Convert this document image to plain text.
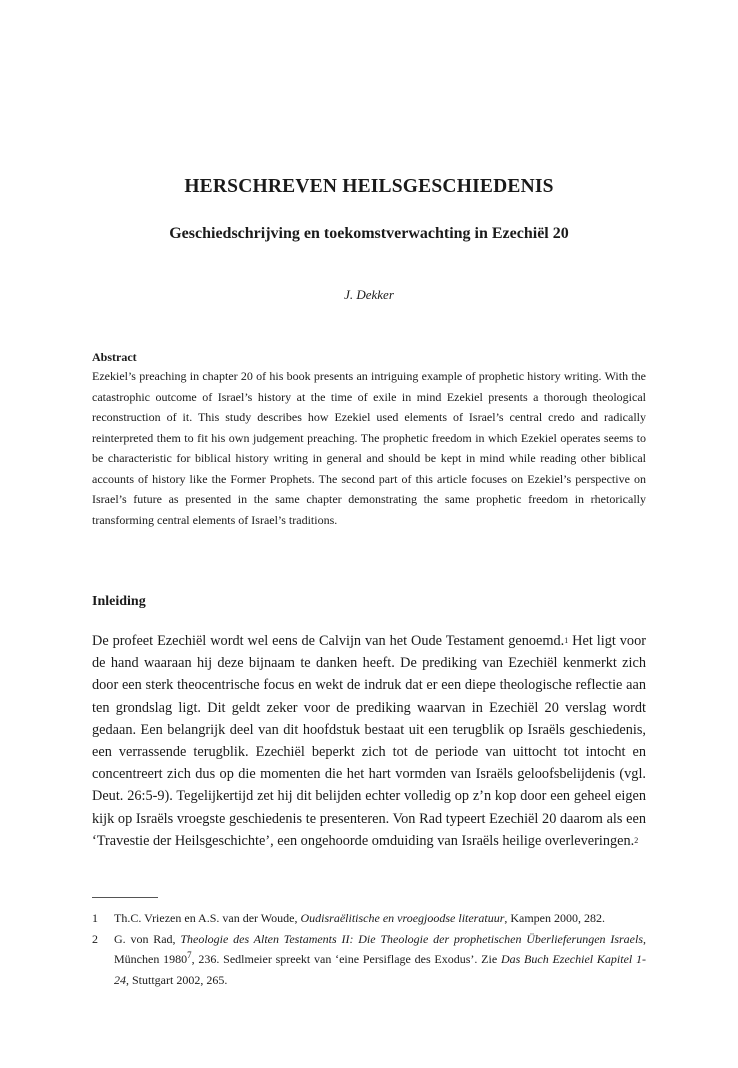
HERSCHREVEN HEILSGESCHIEDENIS
Geschiedschrijving en toekomstverwachting in Ezechiël 20

J. Dekker

Abstract

Ezekiel’s preaching in chapter 20 of his book presents an intriguing example of prophetic history writing. With the catastrophic outcome of Israel’s history at the time of exile in mind Ezekiel presents a thorough theological reconstruction of it. This study describes how Ezekiel used elements of Israel’s central credo and radically reinterpreted them to fit his own judgement preaching. The prophetic freedom in which Ezekiel operates seems to be characteristic for biblical history writing in general and should be kept in mind while reading other biblical accounts of history like the Former Prophets. The second part of this article focuses on Ezekiel’s perspective on Israel’s future as presented in the same chapter demonstrating the same prophetic freedom in rhetorically transforming central elements of Israel’s traditions.

Inleiding

De profeet Ezechiël wordt wel eens de Calvijn van het Oude Testament genoemd.$^1$ Het ligt voor de hand waaraan hij deze bijnaam te danken heeft. De prediking van Ezechiël kenmerkt zich door een sterk theocentrische focus en wekt de indruk dat er een diepe theologische reflectie aan ten grondslag ligt. Dit geldt zeker voor de prediking waarvan in Ezechiël 20 verslag wordt gedaan. Een belangrijk deel van dit hoofdstuk bestaat uit een terugblik op Israëls geschiedenis, een verrassende terugblik. Ezechiël beperkt zich tot de periode van uittocht tot intocht en concentreert zich dus op die momenten die het hart vormden van Israëls geloofsbelijdenis (vgl. Deut. 26:5-9). Tegelijkertijd zet hij dit belijden echter volledig op z’n kop door een geheel eigen kijk op Israëls vroegste geschiedenis te presenteren. Von Rad typeert Ezechiël 20 daarom als een ‘Travestie der Heilsgeschichte’, een ongehoorde omduiding van Israëls heilige overleveringen.$^2$

1	Th.C. Vriezen en A.S. van der Woude, Oudisraëlitische en vroegjoodse literatuur, Kampen 2000, 282.
2	G. von Rad, Theologie des Alten Testaments II: Die Theologie der prophetischen Überlieferungen Israels, München 1980$^7$, 236. Sedlmeier spreekt van ‘eine Persiflage des Exodus’. Zie Das Buch Ezechiel Kapitel 1-24, Stuttgart 2002, 265.
